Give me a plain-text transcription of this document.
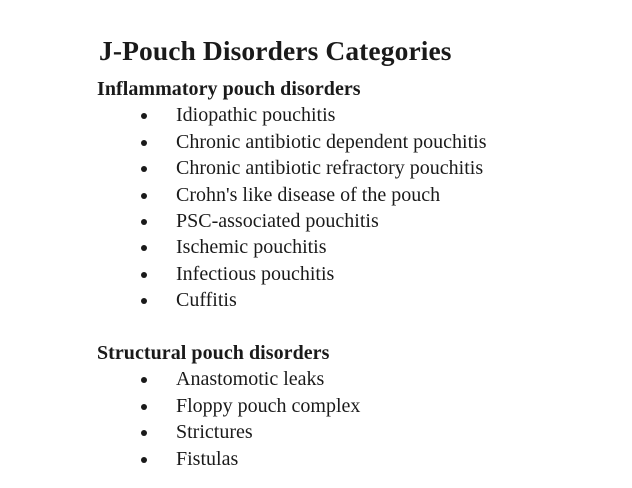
J-Pouch Disorders Categories
Inflammatory pouch disorders
Idiopathic pouchitis
Chronic antibiotic dependent pouchitis
Chronic antibiotic refractory pouchitis
Crohn's like disease of the pouch
PSC-associated pouchitis
Ischemic pouchitis
Infectious pouchitis
Cuffitis
Structural pouch disorders
Anastomotic leaks
Floppy pouch complex
Strictures
Fistulas
